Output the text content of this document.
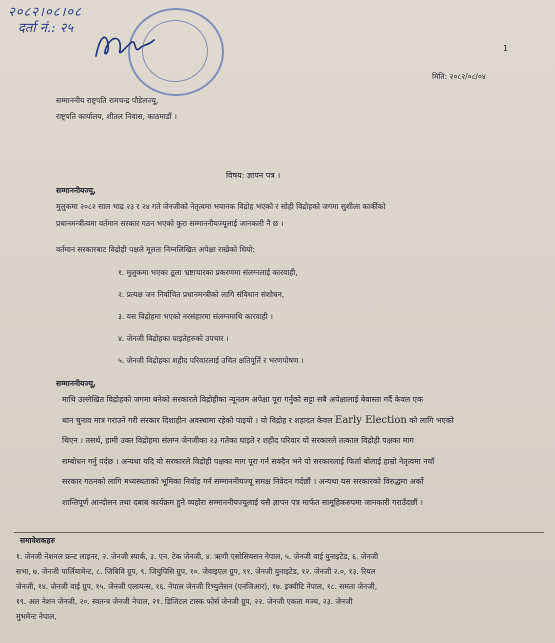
२०८२।०८।०८
दर्ता नं.: २५
1
मिति: २०८२/०८/०४
सम्माननीय राष्ट्रपति रामचन्द्र पौडेलज्यू,
राष्ट्रपति कार्यालय, शीतल निवास, काठमाडौं ।
विषय: ज्ञापन पत्र ।
सम्माननीयज्यू,
मुलुकमा २०८२ साल भाद्र २३ र २४ गते जेनजीको नेतृत्वमा भयानक विद्रोह भएको र सोही विद्रोहको जगमा सुशीला कार्कीको
प्रधानमन्त्रीत्वमा वर्तमान सरकार गठन भएको कुरा सम्माननीयज्यूलाई जानकारी नै छ ।
वर्तमान सरकारबाट विद्रोही पक्षले मूलतः निम्नलिखित अपेक्षा राखेको थियो:
१. मुलुकमा भएका ठूला भ्रष्टाचारका प्रकरणमा संलग्नलाई कारवाही,
२. प्रत्यक्ष जन निर्वाचित प्रधानमन्त्रीको लागि संविधान संशोधन,
३. यस विद्रोहमा भएको नरसंहारमा संलग्नमाथि कारवाही ।
४. जेनजी विद्रोहका घाइतेहरुको उपचार ।
५. जेनजी विद्रोहका शहीद परिवारलाई उचित क्षतिपूर्ति र भरणपोषण ।
सम्माननीयज्यू,
माथि उल्लेखित विद्रोहको जगमा बनेको सरकारले विद्रोहीका न्यूनतम अपेक्षा पूरा गर्नुको सट्टा सबै अपेक्षालाई बेवास्ता गर्दै केवल एक
थान चुनाव मात्र गराउने गरी सरकार दिशाहीन अवस्थामा रहेको पाइयो । यो विद्रोह र शहादत केवल Early Election को लागि भएको
थिएन । तसर्थ, हामी उक्त विद्रोहमा संलग्न जेनजीका २३ गतेका घाइते र शहीद परिवार यो सरकारले तत्काल विद्रोही पक्षका माग
सम्बोधन गर्नु पर्दछ । अन्यथा यदि यो सरकारले विद्रोही पक्षका माग पूरा गर्न सक्दैन भने यो सरकारलाई फिर्ता बोलाई हाम्रो नेतृत्वमा नयाँ
सरकार गठनको लागि मध्यस्थताको भूमिका निर्वाह गर्न सम्माननीयज्यू समक्ष निवेदन गर्दछौं । अन्यथा यस सरकारको विरुद्धमा अर्को
शान्तिपूर्ण आन्दोलन तथा दबाब कार्यक्रम हुने व्यहोरा सम्माननीयज्यूलाई यसै ज्ञापन पत्र मार्फत सामूहिकरुपमा जानकारी गराउँदछौं ।
समावेशकहरु
१. जेनजी नेशनल फ्रन्ट लाइनर, २. जेनजी स्पार्क, ३. एन. टेक जेनजी, ४. ऋणी एसोसियसन नेपाल, ५. जेनजी वाई युनाइटेड, ६. जेनजी
सभा, ७. जेनजी पार्लियामेन्ट, ८. जिबिवि ग्रुप, ९. जियुपिसि ग्रुप, १०. जेवाइएल ग्रुप, ११. जेनजी युनाइटेड, १२. जेनजी २.०, १३. रियल
जेनजी, १४. जेनजी वाई ग्रुप, १५. जेनजी एलायन्स, १६. नेपाल जेनजी रिभ्युलेसन (एनजिआर), १७. इक्वीटि नेपाल, १८. समता जेनजी,
१९. अल नेशन जेनजी, २०. स्वतन्त्र जेनजी नेपाल, २१. डिजिटल टास्क फोर्स जेनजी ग्रुप, २२. जेनजी एकता मञ्च, २३. जेनजी
मुभमेन्ट नेपाल,
